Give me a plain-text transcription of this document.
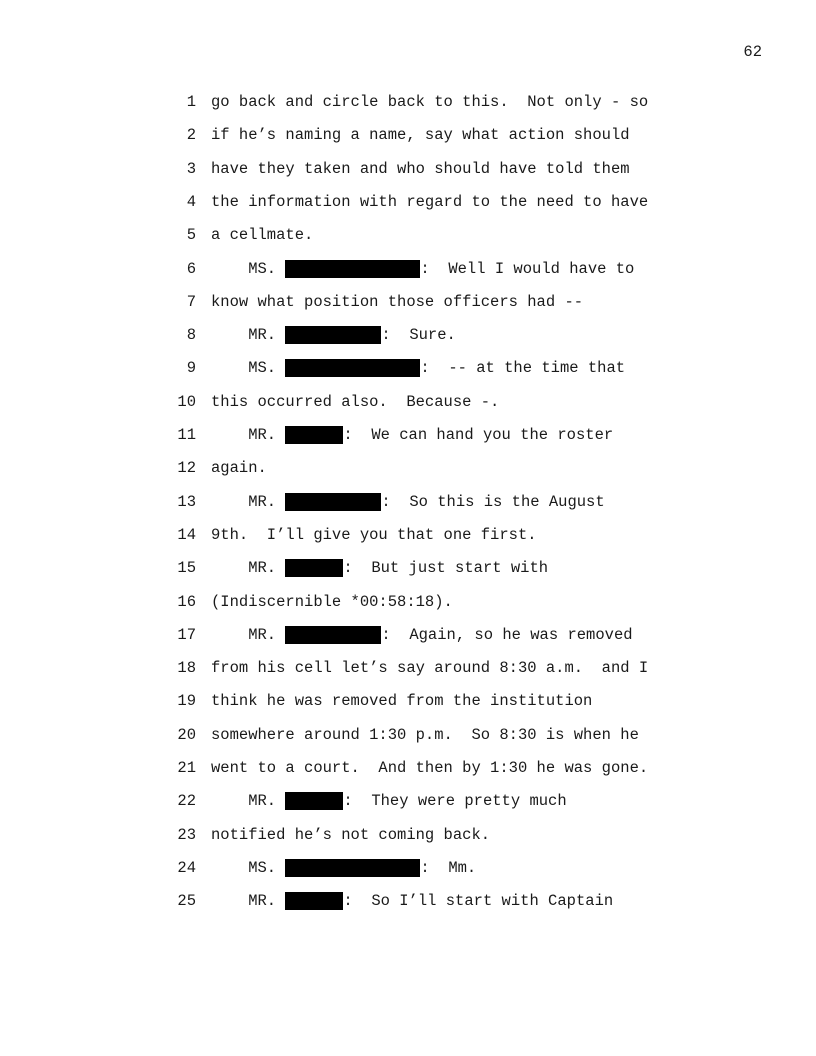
62
1 go back and circle back to this.  Not only - so
2 if he’s naming a name, say what action should
3 have they taken and who should have told them
4 the information with regard to the need to have
5 a cellmate.
6 MS.	:  Well I would have to
7 know what position those officers had --
8 MR.	:  Sure.
9 MS.	:  -- at the time that
10 this occurred also.  Because -.
11 MR.	:  We can hand you the roster
12 again.
13 MR.	:  So this is the August
14 9th.  I’ll give you that one first.
15 MR.	:  But just start with
16 (Indiscernible *00:58:18).
17 MR.	:  Again, so he was removed
18 from his cell let’s say around 8:30 a.m.  and I
19 think he was removed from the institution
20 somewhere around 1:30 p.m.  So 8:30 is when he
21 went to a court.  And then by 1:30 he was gone.
22 MR.	:  They were pretty much
23 notified he’s not coming back.
24 MS.	:  Mm.
25 MR.	:  So I’ll start with Captain
